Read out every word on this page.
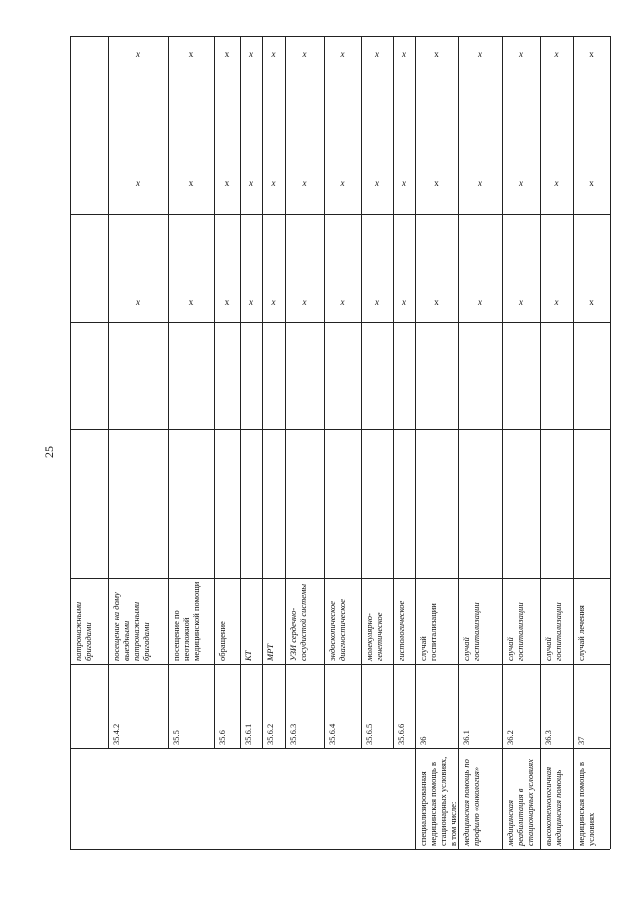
25
патронажными бригадами
35.4.2
посещение на дому выездными патронажными бригадами
х
х
х
35.5
посещение по неотложной медицинской помощи
х
х
х
35.6
обращение
х
х
х
35.6.1
КТ
х
х
х
35.6.2
МРТ
х
х
х
35.6.3
УЗИ сердечно-сосудистой системы
х
х
х
35.6.4
эндоскопическое диагностическое
х
х
х
35.6.5
молекулярно-генетическое
х
х
х
35.6.6
гистологическое
х
х
х
специализированная медицинская помощь в стационарных условиях, в том числе:
36
случай госпитализации
х
х
х
медицинская помощь по профилю «онкология»
36.1
случай госпитализации
х
х
х
медицинская реабилитация в стационарных условиях
36.2
случай госпитализации
х
х
х
высокотехнологичная медицинская помощь
36.3
случай госпитализации
х
х
х
медицинская помощь в условиях
37
случай лечения
х
х
х
